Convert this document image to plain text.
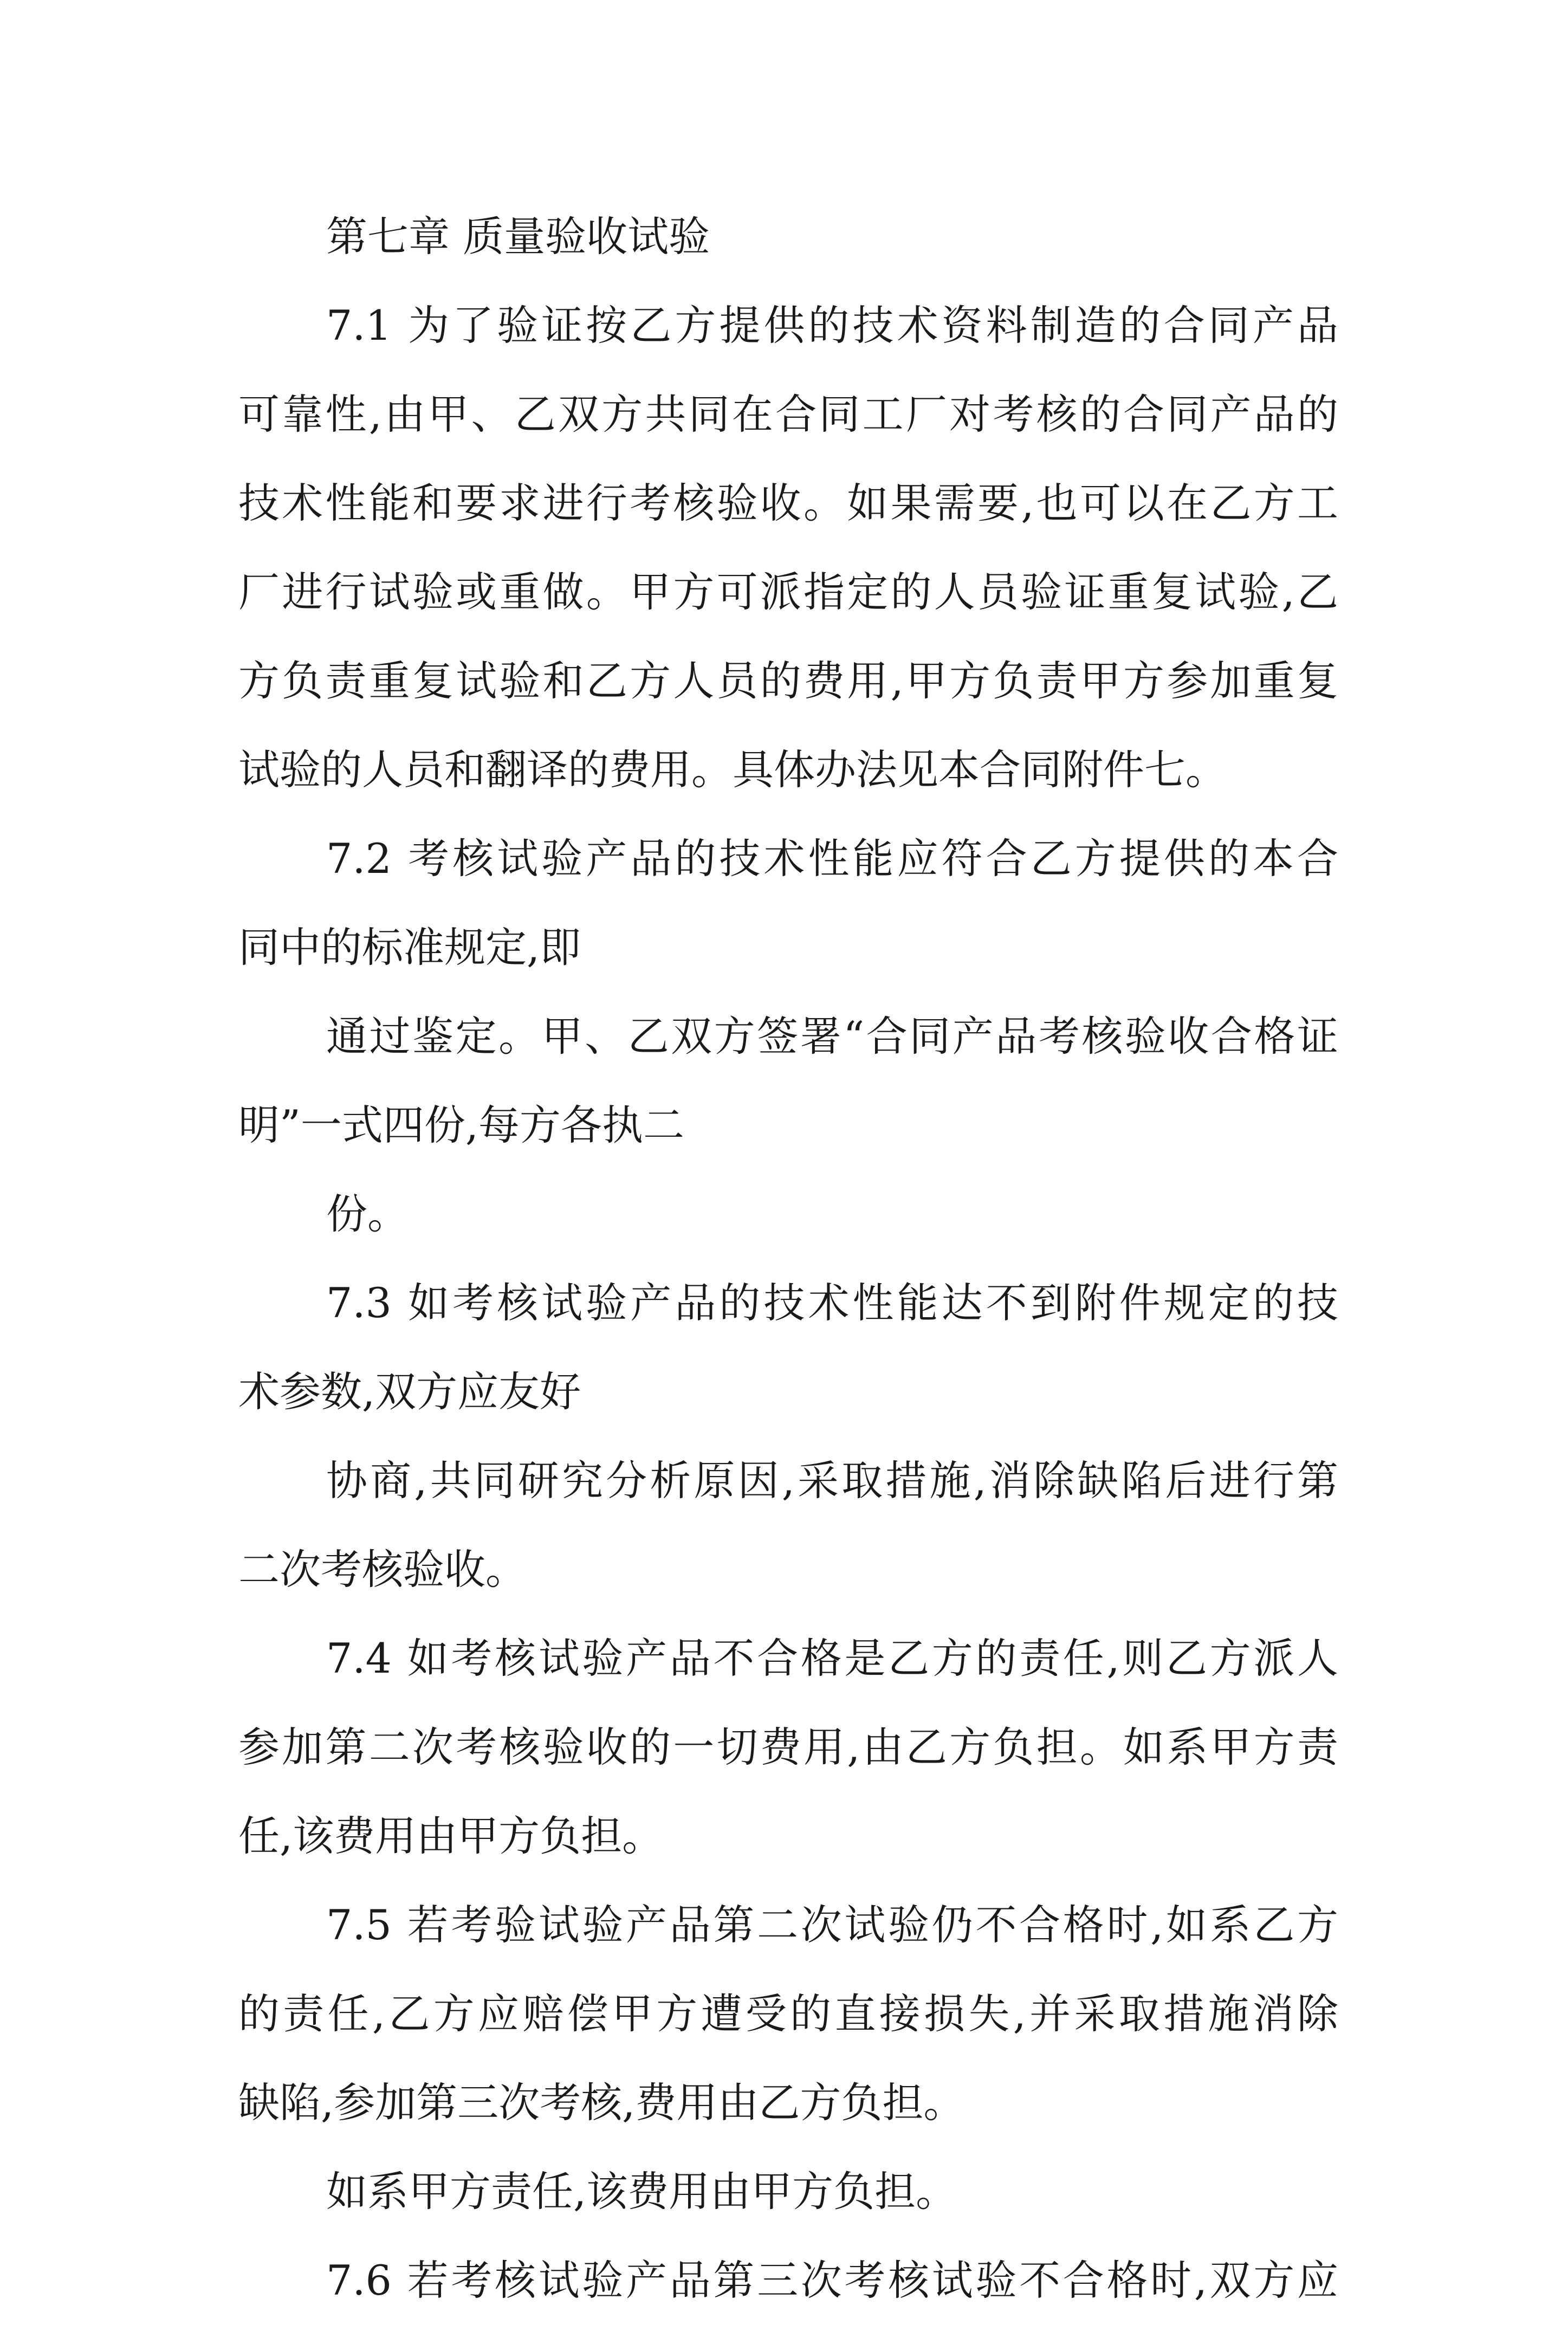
第七章 质量验收试验
7.1 为了验证按乙方提供的技术资料制造的合同产品
可靠性,由甲、乙双方共同在合同工厂对考核的合同产品的
技术性能和要求进行考核验收。如果需要,也可以在乙方工
厂进行试验或重做。甲方可派指定的人员验证重复试验,乙
方负责重复试验和乙方人员的费用,甲方负责甲方参加重复
试验的人员和翻译的费用。具体办法见本合同附件七。
7.2 考核试验产品的技术性能应符合乙方提供的本合
同中的标准规定,即
通过鉴定。甲、乙双方签署“合同产品考核验收合格证
明”一式四份,每方各执二
份。
7.3 如考核试验产品的技术性能达不到附件规定的技
术参数,双方应友好
协商,共同研究分析原因,采取措施,消除缺陷后进行第
二次考核验收。
7.4 如考核试验产品不合格是乙方的责任,则乙方派人
参加第二次考核验收的一切费用,由乙方负担。如系甲方责
任,该费用由甲方负担。
7.5 若考验试验产品第二次试验仍不合格时,如系乙方
的责任,乙方应赔偿甲方遭受的直接损失,并采取措施消除
缺陷,参加第三次考核,费用由乙方负担。
如系甲方责任,该费用由甲方负担。
7.6 若考核试验产品第三次考核试验不合格时,双方应
